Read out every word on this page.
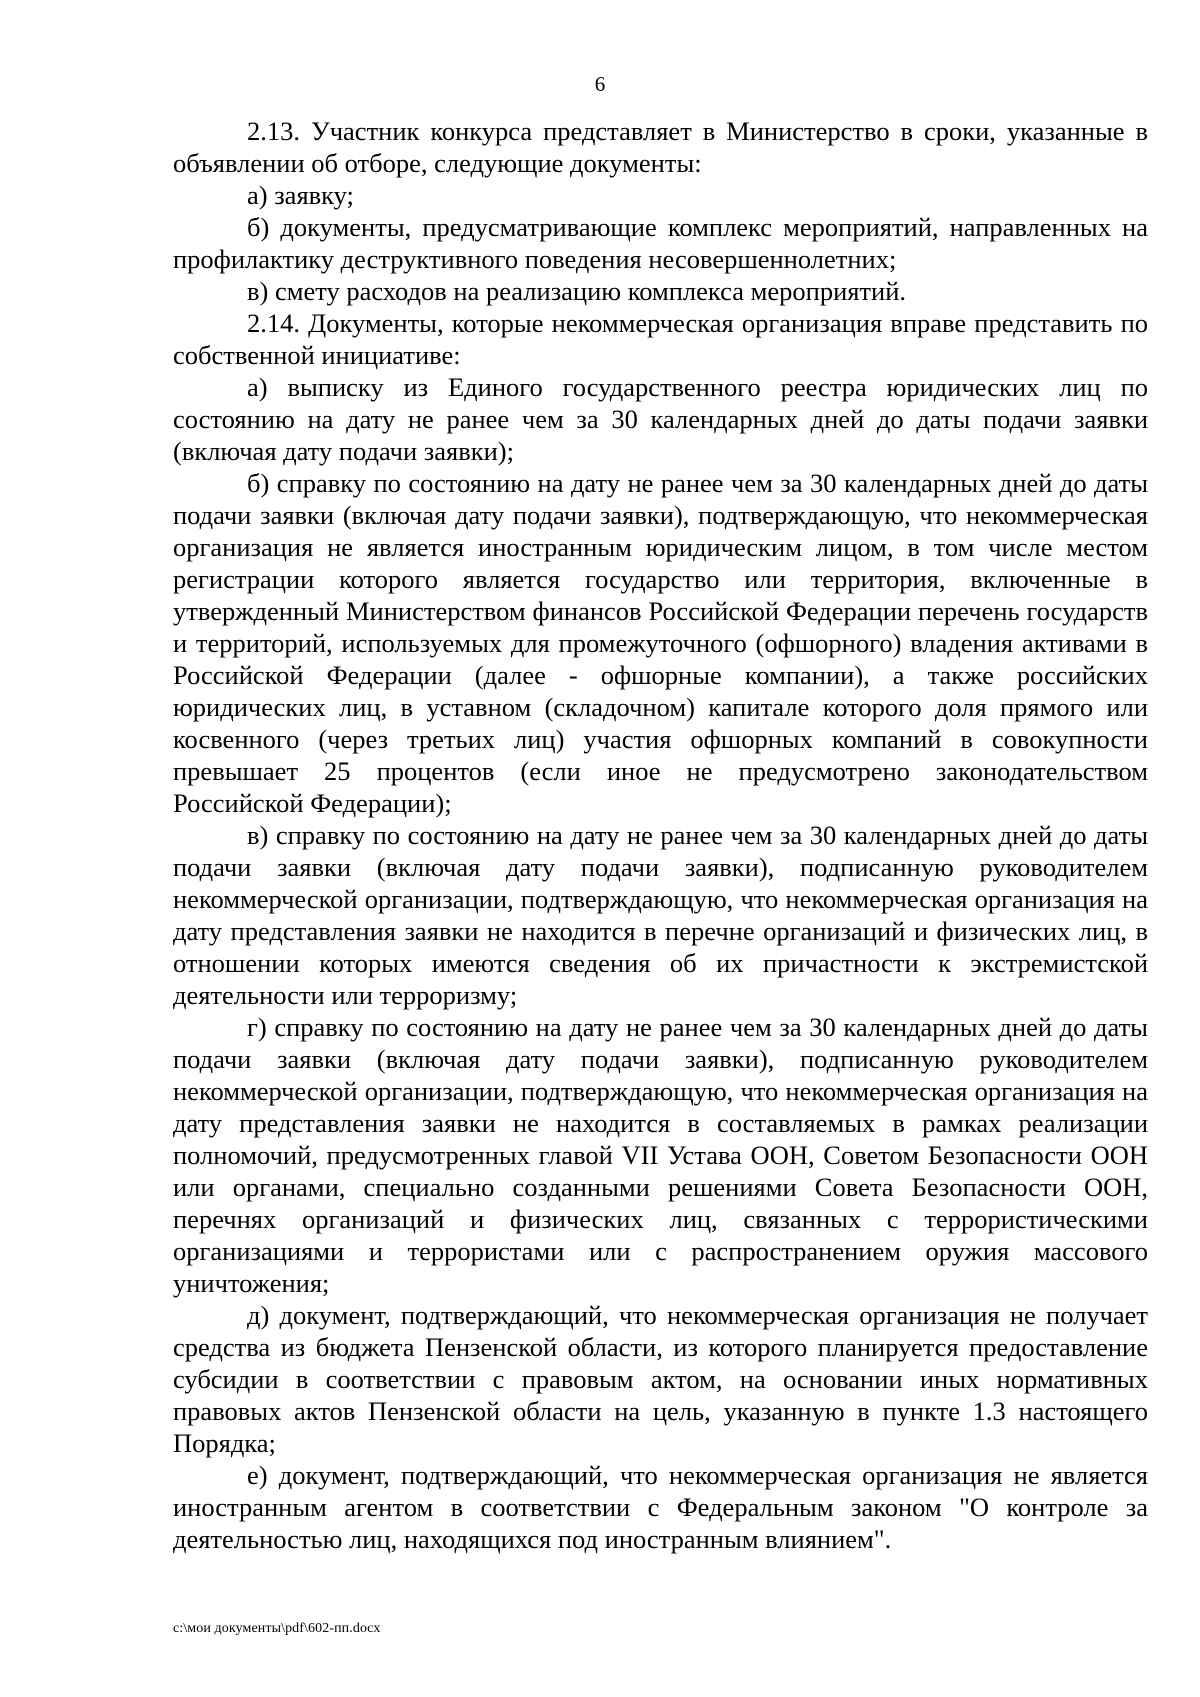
6

2.13. Участник конкурса представляет в Министерство в сроки, указанные в объявлении об отборе, следующие документы:

а) заявку;

б) документы, предусматривающие комплекс мероприятий, направленных на профилактику деструктивного поведения несовершеннолетних;

в) смету расходов на реализацию комплекса мероприятий.

2.14. Документы, которые некоммерческая организация вправе представить по собственной инициативе:

а) выписку из Единого государственного реестра юридических лиц по состоянию на дату не ранее чем за 30 календарных дней до даты подачи заявки (включая дату подачи заявки);

б) справку по состоянию на дату не ранее чем за 30 календарных дней до даты подачи заявки (включая дату подачи заявки), подтверждающую, что некоммерческая организация не является иностранным юридическим лицом, в том числе местом регистрации которого является государство или территория, включенные в утвержденный Министерством финансов Российской Федерации перечень государств и территорий, используемых для промежуточного (офшорного) владения активами в Российской Федерации (далее - офшорные компании), а также российских юридических лиц, в уставном (складочном) капитале которого доля прямого или косвенного (через третьих лиц) участия офшорных компаний в совокупности превышает 25 процентов (если иное не предусмотрено законодательством Российской Федерации);

в) справку по состоянию на дату не ранее чем за 30 календарных дней до даты подачи заявки (включая дату подачи заявки), подписанную руководителем некоммерческой организации, подтверждающую, что некоммерческая организация на дату представления заявки не находится в перечне организаций и физических лиц, в отношении которых имеются сведения об их причастности к экстремистской деятельности или терроризму;

г) справку по состоянию на дату не ранее чем за 30 календарных дней до даты подачи заявки (включая дату подачи заявки), подписанную руководителем некоммерческой организации, подтверждающую, что некоммерческая организация на дату представления заявки не находится в составляемых в рамках реализации полномочий, предусмотренных главой VII Устава ООН, Советом Безопасности ООН или органами, специально созданными решениями Совета Безопасности ООН, перечнях организаций и физических лиц, связанных с террористическими организациями и террористами или с распространением оружия массового уничтожения;

д) документ, подтверждающий, что некоммерческая организация не получает средства из бюджета Пензенской области, из которого планируется предоставление субсидии в соответствии с правовым актом, на основании иных нормативных правовых актов Пензенской области на цель, указанную в пункте 1.3 настоящего Порядка;

е) документ, подтверждающий, что некоммерческая организация не является иностранным агентом в соответствии с Федеральным законом "О контроле за деятельностью лиц, находящихся под иностранным влиянием".

c:\мои документы\pdf\602-пп.docx
